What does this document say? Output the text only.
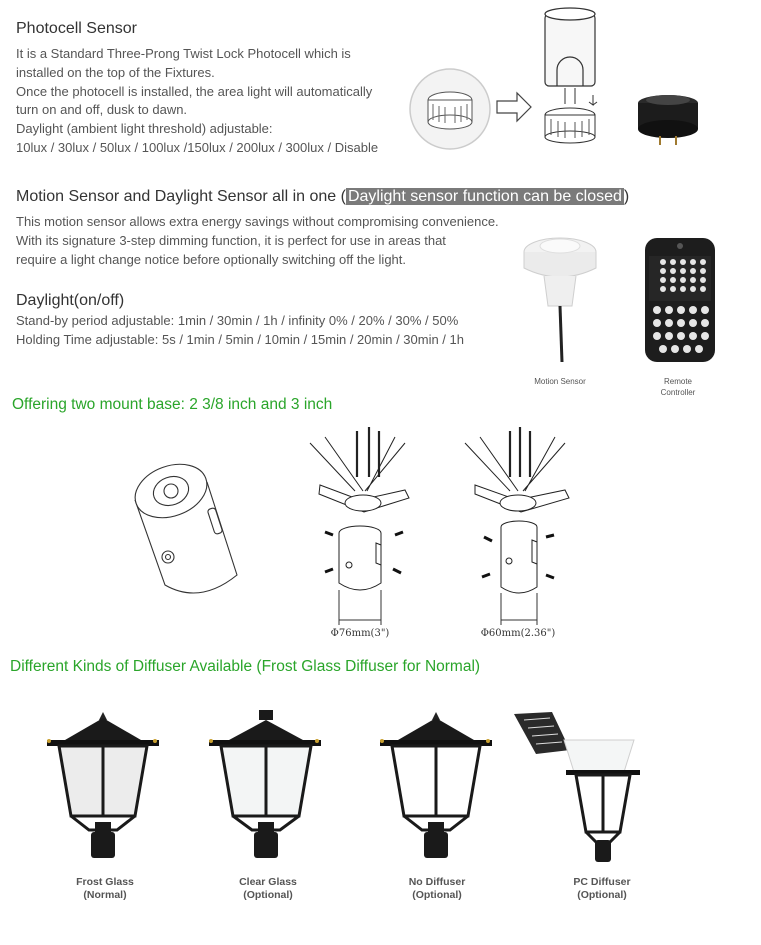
Photocell Sensor
It is a Standard Three-Prong Twist Lock Photocell which is
installed on the top of the Fixtures.
Once the photocell is installed, the area light will automatically
turn on and off, dusk to dawn.
Daylight (ambient light threshold) adjustable:
10lux / 30lux / 50lux / 100lux /150lux / 200lux / 300lux / Disable
Motion Sensor and Daylight Sensor all in one ( Daylight sensor function can be closed )
This motion sensor allows extra energy savings without compromising convenience.
With its signature 3-step dimming function, it is perfect for use in areas that
require a light change notice before optionally switching off the light.
Daylight(on/off)
Stand-by period adjustable: 1min / 30min / 1h / infinity 0% / 20% / 30% / 50%
Holding Time adjustable: 5s / 1min / 5min / 10min / 15min / 20min / 30min / 1h
Motion Sensor	Remote
Controller
Offering two mount base: 2 3/8 inch and 3 inch
Φ76mm(3")	Φ60mm(2.36")
Different Kinds of Diffuser Available (Frost Glass Diffuser for Normal)
Frost Glass
(Normal)
Clear Glass
(Optional)
No Diffuser
(Optional)
PC Diffuser
(Optional)
